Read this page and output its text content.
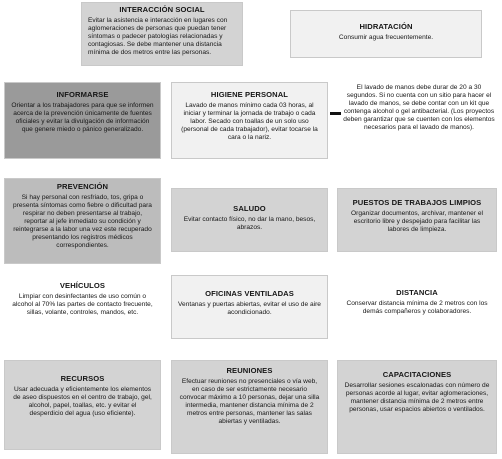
INTERACCIÓN SOCIAL
Evitar la asistencia e interacción en lugares con aglomeraciones de personas que puedan tener síntomas o padecer patologías relacionadas y contagiosas. Se debe mantener una distancia mínima de dos metros entre las personas.
HIDRATACIÓN
Consumir agua frecuentemente.
INFORMARSE
Orientar a los trabajadores para que se informen acerca de la prevención únicamente de fuentes oficiales y evitar la divulgación de información que genere miedo o pánico generalizado.
HIGIENE PERSONAL
Lavado de manos mínimo cada 03 horas, al iniciar y terminar la jornada de trabajo o cada labor. Secado con toallas de un solo uso (personal de cada trabajador), evitar tocarse la cara o la nariz.
El lavado de manos debe durar de 20 a 30 segundos. Si no cuenta con un sitio para hacer el lavado de manos, se debe contar con un kit que contenga alcohol o gel antibacterial. (Los proyectos deben garantizar que se cuenten con los elementos necesarios para el lavado de manos).
PREVENCIÓN
Si hay personal con resfriado, tos, gripa o presenta síntomas como fiebre o dificultad para respirar no deben presentarse al trabajo, reportar al jefe inmediato su condición y reintegrarse a la labor una vez este recuperado presentando los registros médicos correspondientes.
SALUDO
Evitar contacto físico, no dar la mano, besos, abrazos.
PUESTOS DE TRABAJOS LIMPIOS
Organizar documentos, archivar, mantener el escritorio libre y despejado para facilitar las labores de limpieza.
VEHÍCULOS
Limpiar con desinfectantes de uso común o alcohol al 70% las partes de contacto frecuente, sillas, volante, controles, mandos, etc.
OFICINAS VENTILADAS
Ventanas y puertas abiertas, evitar el uso de aire acondicionado.
DISTANCIA
Conservar distancia mínima de 2 metros con los demás compañeros y colaboradores.
RECURSOS
Usar adecuada y eficientemente los elementos de aseo dispuestos en el centro de trabajo, gel, alcohol, papel, toallas, etc. y evitar el desperdicio del agua (uso eficiente).
REUNIONES
Efectuar reuniones no presenciales o vía web, en caso de ser estrictamente necesario convocar máximo a 10 personas, dejar una silla intermedia, mantener distancia mínima de 2 metros entre personas, mantener las salas abiertas y ventiladas.
CAPACITACIONES
Desarrollar sesiones escalonadas con número de personas acorde al lugar, evitar aglomeraciones, mantener distancia mínima de 2 metros entre personas, usar espacios abiertos o ventilados.
